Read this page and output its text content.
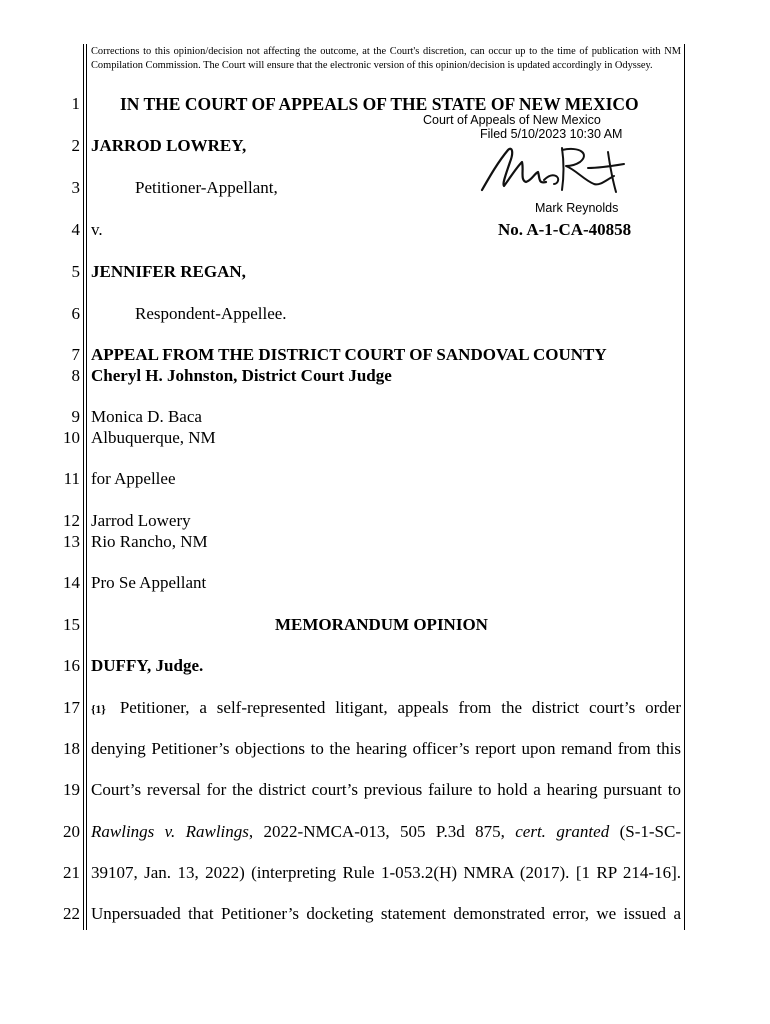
Corrections to this opinion/decision not affecting the outcome, at the Court's discretion, can occur up to the time of publication with NM Compilation Commission. The Court will ensure that the electronic version of this opinion/decision is updated accordingly in Odyssey.
1
2
3
4
5
6
7
8
9
10
11
12
13
14
15
16
17
18
19
20
21
22
IN THE COURT OF APPEALS OF THE STATE OF NEW MEXICO
JARROD LOWREY,
Petitioner-Appellant,
v.	No. A-1-CA-40858
JENNIFER REGAN,
Respondent-Appellee.
Court of Appeals of New Mexico
Filed 5/10/2023 10:30 AM
Mark Reynolds
APPEAL FROM THE DISTRICT COURT OF SANDOVAL COUNTY
Cheryl H. Johnston, District Court Judge
Monica D. Baca
Albuquerque, NM
for Appellee
Jarrod Lowery
Rio Rancho, NM
Pro Se Appellant
MEMORANDUM OPINION
DUFFY, Judge.
{1} Petitioner, a self-represented litigant, appeals from the district court’s order
denying Petitioner’s objections to the hearing officer’s report upon remand from this
Court’s reversal for the district court’s previous failure to hold a hearing pursuant to
Rawlings v. Rawlings, 2022-NMCA-013, 505 P.3d 875, cert. granted (S-1-SC-
39107, Jan. 13, 2022) (interpreting Rule 1-053.2(H) NMRA (2017). [1 RP 214-16].
Unpersuaded that Petitioner’s docketing statement demonstrated error, we issued a
